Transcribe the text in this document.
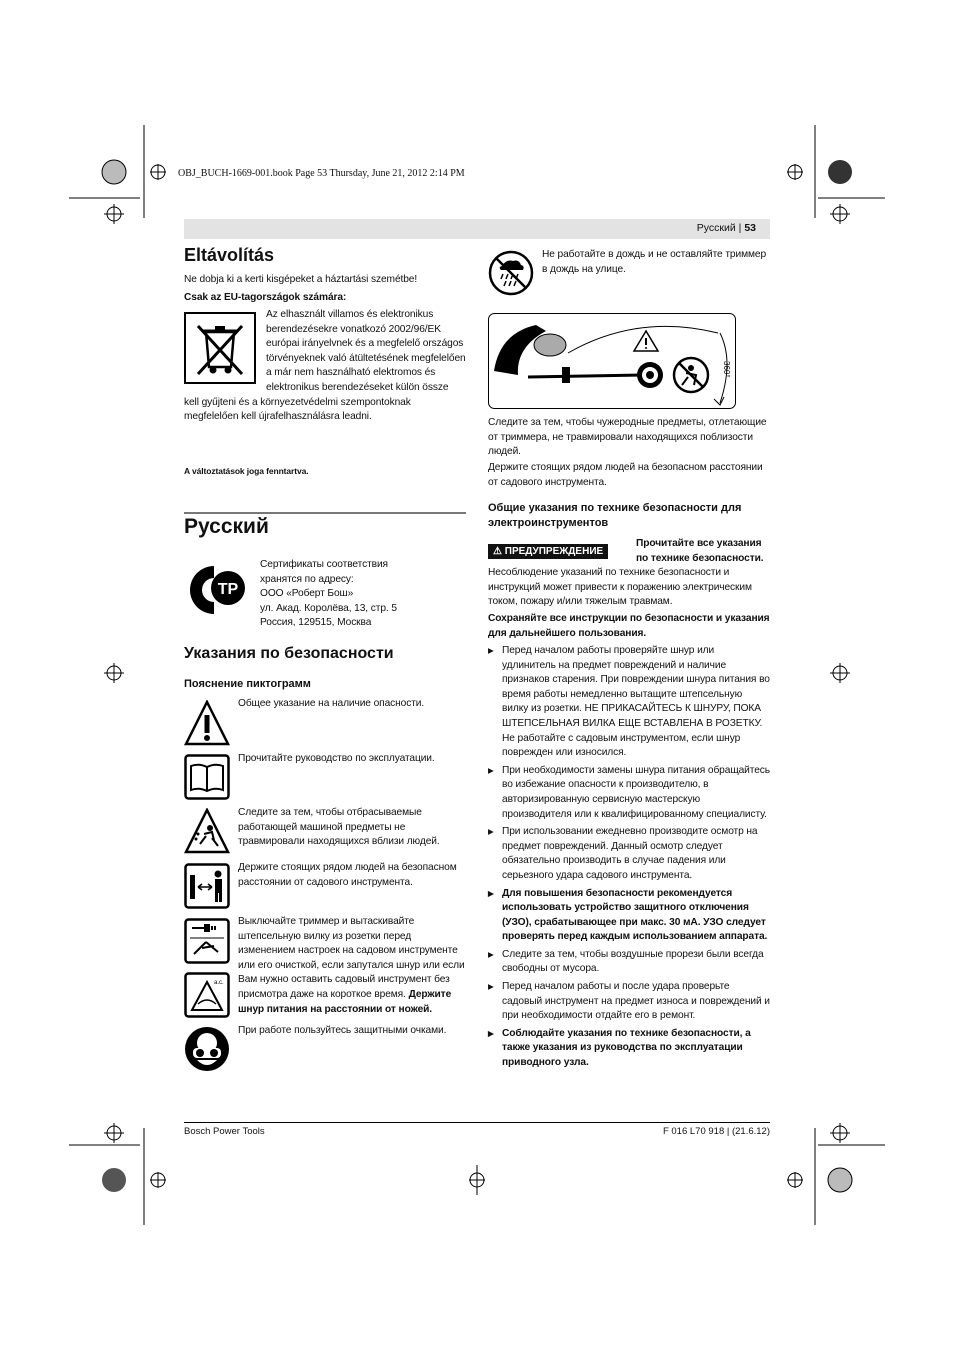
OBJ_BUCH-1669-001.book Page 53 Thursday, June 21, 2012 2:14 PM
Русский | 53
Eltávolítás
Ne dobja ki a kerti kisgépeket a háztartási szemétbe!
Csak az EU-tagországok számára:
Az elhasznált villamos és elektronikus berendezésekre vonatkozó 2002/96/EK európai irányelvnek és a megfelelő országos törvényeknek való átültetésének megfelelően a már nem használható elektromos és elektronikus berendezéseket külön össze kell gyűjteni és a környezetvédelmi szempontoknak megfelelően kell újrafelhasználásra leadni.
A változtatások joga fenntartva.
Русский
ТР
Сертификаты соответствия
хранятся по адресу:
ООО «Роберт Бош»
ул. Акад. Королёва, 13, стр. 5
Россия, 129515, Москва
Указания по безопасности
Пояснение пиктограмм
Общее указание на наличие опасности.
Прочитайте руководство по эксплуатации.
Следите за тем, чтобы отбрасываемые работающей машиной предметы не травмировали находящихся вблизи людей.
Держите стоящих рядом людей на безопасном расстоянии от садового инструмента.
a.c.
Выключайте триммер и вытаскивайте штепсельную вилку из розетки перед изменением настроек на садовом инструменте или его очисткой, если запутался шнур или если Вам нужно оставить садовый инструмент без присмотра даже на короткое время. Держите шнур питания на расстоянии от ножей.
При работе пользуйтесь защитными очками.
Не работайте в дождь и не оставляйте триммер в дождь на улице.
360°
Следите за тем, чтобы чужеродные предметы, отлетающие от триммера, не травмировали находящихся поблизости людей.
Держите стоящих рядом людей на безопасном расстоянии от садового инструмента.
Общие указания по технике безопасности для электроинструментов
⚠ ПРЕДУПРЕЖДЕНИЕ
Прочитайте все указания по технике безопасности.
Несоблюдение указаний по технике безопасности и инструкций может привести к поражению электрическим током, пожару и/или тяжелым травмам.
Сохраняйте все инструкции по безопасности и указания для дальнейшего пользования.
▶ Перед началом работы проверяйте шнур или удлинитель на предмет повреждений и наличие признаков старения. При повреждении шнура питания во время работы немедленно вытащите штепсельную вилку из розетки. НЕ ПРИКАСАЙТЕСЬ К ШНУРУ, ПОКА ШТЕПСЕЛЬНАЯ ВИЛКА ЕЩЕ ВСТАВЛЕНА В РОЗЕТКУ. Не работайте с садовым инструментом, если шнур поврежден или износился.
▶ При необходимости замены шнура питания обращайтесь во избежание опасности к производителю, в авторизированную сервисную мастерскую производителя или к квалифицированному специалисту.
▶ При использовании ежедневно производите осмотр на предмет повреждений. Данный осмотр следует обязательно производить в случае падения или серьезного удара садового инструмента.
▶ Для повышения безопасности рекомендуется использовать устройство защитного отключения (УЗО), срабатывающее при макс. 30 мА. УЗО следует проверять перед каждым использованием аппарата.
▶ Следите за тем, чтобы воздушные прорези были всегда свободны от мусора.
▶ Перед началом работы и после удара проверьте садовый инструмент на предмет износа и повреждений и при необходимости отдайте его в ремонт.
▶ Соблюдайте указания по технике безопасности, а также указания из руководства по эксплуатации приводного узла.
Bosch Power Tools	F 016 L70 918 | (21.6.12)
